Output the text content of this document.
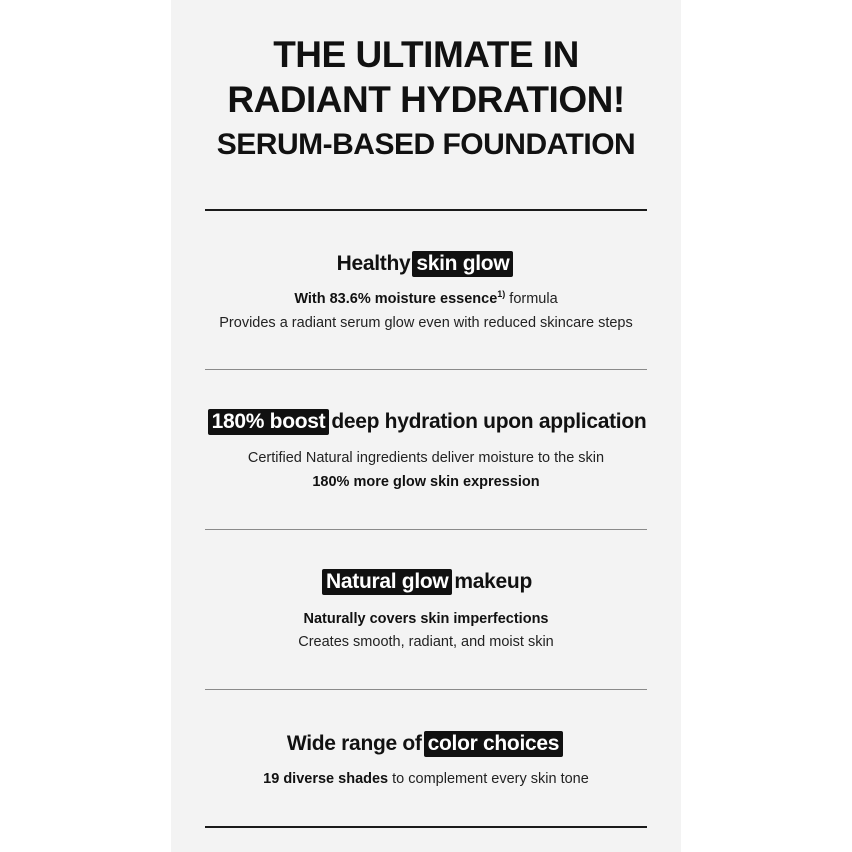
THE ULTIMATE IN
RADIANT HYDRATION!
SERUM-BASED FOUNDATION
Healthy skin glow
With 83.6% moisture essence$^{1)}$ formula
Provides a radiant serum glow even with reduced skincare steps
180% boost deep hydration upon application
Certified Natural ingredients deliver moisture to the skin
180% more glow skin expression
Natural glow makeup
Naturally covers skin imperfections
Creates smooth, radiant, and moist skin
Wide range of color choices
19 diverse shades to complement every skin tone
